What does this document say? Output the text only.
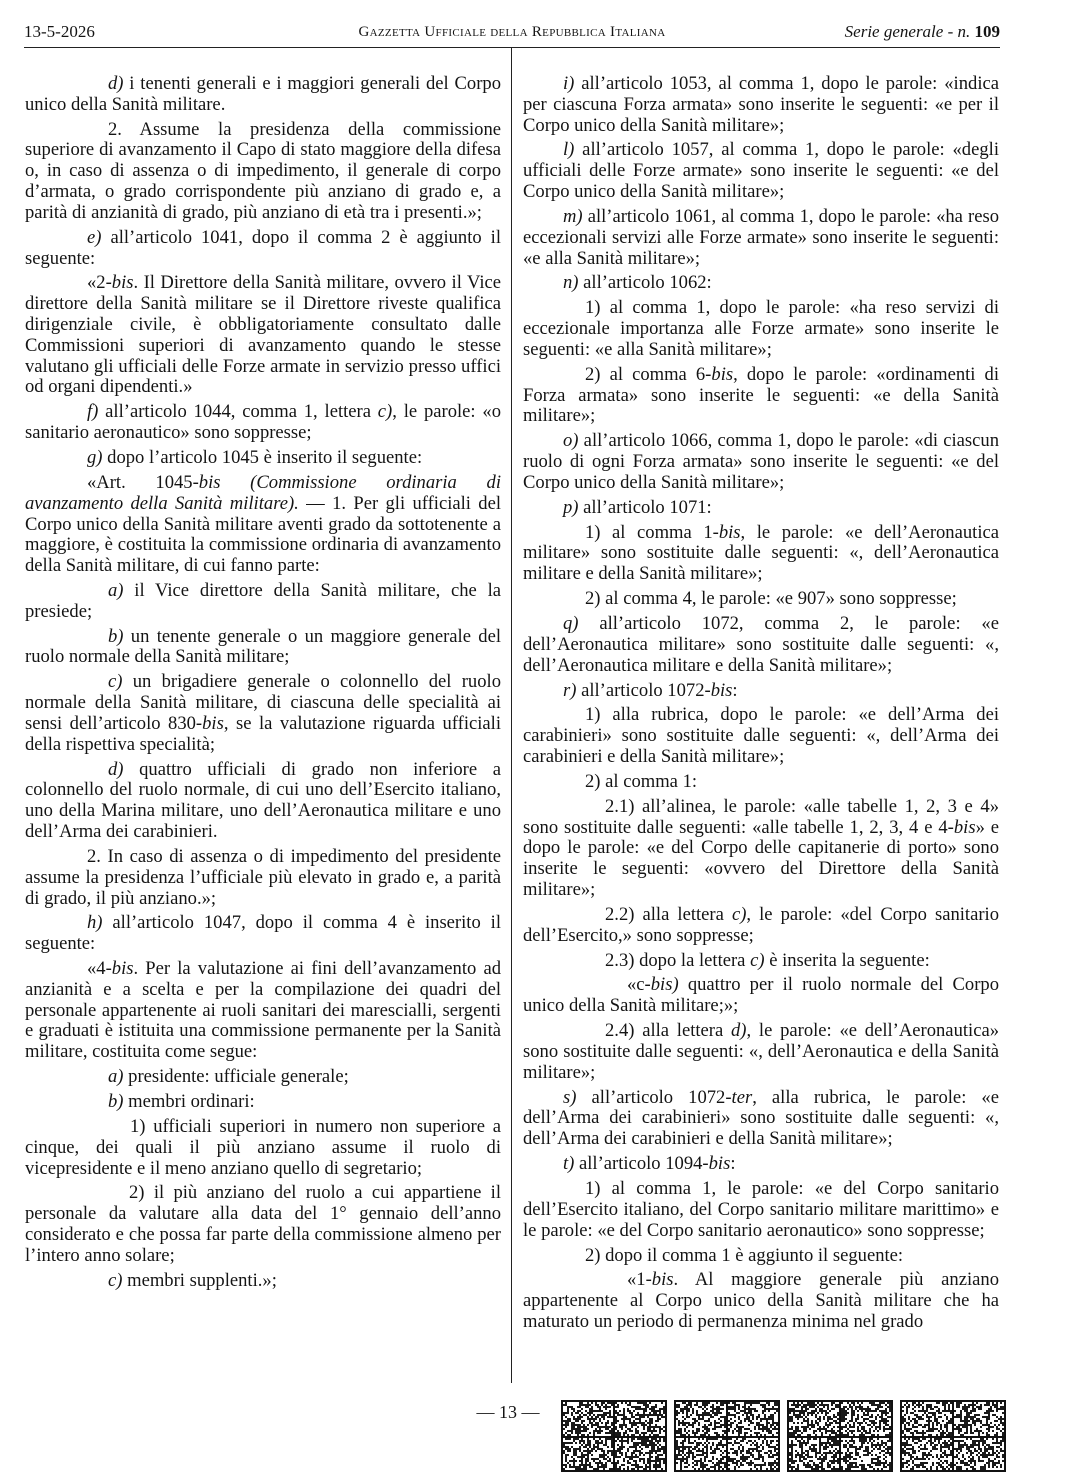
13-5-2026	Gazzetta Ufficiale della Repubblica Italiana	Serie generale - n. 109

d) i tenenti generali e i maggiori generali del Corpo unico della Sanità militare.

2. Assume la presidenza della commissione superiore di avanzamento il Capo di stato maggiore della difesa o, in caso di assenza o di impedimento, il generale di corpo d’armata, o grado corrispondente più anziano di grado e, a parità di anzianità di grado, più anziano di età tra i presenti.»;

e) all’articolo 1041, dopo il comma 2 è aggiunto il seguente:

«2-bis. Il Direttore della Sanità militare, ovvero il Vice direttore della Sanità militare se il Direttore riveste qualifica dirigenziale civile, è obbligatoriamente consultato dalle Commissioni superiori di avanzamento quando le stesse valutano gli ufficiali delle Forze armate in servizio presso uffici od organi dipendenti.»

f) all’articolo 1044, comma 1, lettera c), le parole: «o sanitario aeronautico» sono soppresse;

g) dopo l’articolo 1045 è inserito il seguente:

«Art. 1045-bis (Commissione ordinaria di avanzamento della Sanità militare). — 1. Per gli ufficiali del Corpo unico della Sanità militare aventi grado da sottotenente a maggiore, è costituita la commissione ordinaria di avanzamento della Sanità militare, di cui fanno parte:

a) il Vice direttore della Sanità militare, che la presiede;

b) un tenente generale o un maggiore generale del ruolo normale della Sanità militare;

c) un brigadiere generale o colonnello del ruolo normale della Sanità militare, di ciascuna delle specialità ai sensi dell’articolo 830-bis, se la valutazione riguarda ufficiali della rispettiva specialità;

d) quattro ufficiali di grado non inferiore a colonnello del ruolo normale, di cui uno dell’Esercito italiano, uno della Marina militare, uno dell’Aeronautica militare e uno dell’Arma dei carabinieri.

2. In caso di assenza o di impedimento del presidente assume la presidenza l’ufficiale più elevato in grado e, a parità di grado, il più anziano.»;

h) all’articolo 1047, dopo il comma 4 è inserito il seguente:

«4-bis. Per la valutazione ai fini dell’avanzamento ad anzianità e a scelta e per la compilazione dei quadri del personale appartenente ai ruoli sanitari dei marescialli, sergenti e graduati è istituita una commissione permanente per la Sanità militare, costituita come segue:

a) presidente: ufficiale generale;

b) membri ordinari:

1) ufficiali superiori in numero non superiore a cinque, dei quali il più anziano assume il ruolo di vicepresidente e il meno anziano quello di segretario;

2) il più anziano del ruolo a cui appartiene il personale da valutare alla data del 1° gennaio dell’anno considerato e che possa far parte della commissione almeno per l’intero anno solare;

c) membri supplenti.»;

i) all’articolo 1053, al comma 1, dopo le parole: «indica per ciascuna Forza armata» sono inserite le seguenti: «e per il Corpo unico della Sanità militare»;

l) all’articolo 1057, al comma 1, dopo le parole: «degli ufficiali delle Forze armate» sono inserite le seguenti: «e del Corpo unico della Sanità militare»;

m) all’articolo 1061, al comma 1, dopo le parole: «ha reso eccezionali servizi alle Forze armate» sono inserite le seguenti: «e alla Sanità militare»;

n) all’articolo 1062:

1) al comma 1, dopo le parole: «ha reso servizi di eccezionale importanza alle Forze armate» sono inserite le seguenti: «e alla Sanità militare»;

2) al comma 6-bis, dopo le parole: «ordinamenti di Forza armata» sono inserite le seguenti: «e della Sanità militare»;

o) all’articolo 1066, comma 1, dopo le parole: «di ciascun ruolo di ogni Forza armata» sono inserite le seguenti: «e del Corpo unico della Sanità militare»;

p) all’articolo 1071:

1) al comma 1-bis, le parole: «e dell’Aeronautica militare» sono sostituite dalle seguenti: «, dell’Aeronautica militare e della Sanità militare»;

2) al comma 4, le parole: «e 907» sono soppresse;

q) all’articolo 1072, comma 2, le parole: «e dell’Aeronautica militare» sono sostituite dalle seguenti: «, dell’Aeronautica militare e della Sanità militare»;

r) all’articolo 1072-bis:

1) alla rubrica, dopo le parole: «e dell’Arma dei carabinieri» sono sostituite dalle seguenti: «, dell’Arma dei carabinieri e della Sanità militare»;

2) al comma 1:

2.1) all’alinea, le parole: «alle tabelle 1, 2, 3 e 4» sono sostituite dalle seguenti: «alle tabelle 1, 2, 3, 4 e 4-bis» e dopo le parole: «e del Corpo delle capitanerie di porto» sono inserite le seguenti: «ovvero del Direttore della Sanità militare»;

2.2) alla lettera c), le parole: «del Corpo sanitario dell’Esercito,» sono soppresse;

2.3) dopo la lettera c) è inserita la seguente:

«c-bis) quattro per il ruolo normale del Corpo unico della Sanità militare;»;

2.4) alla lettera d), le parole: «e dell’Aeronautica» sono sostituite dalle seguenti: «, dell’Aeronautica e della Sanità militare»;

s) all’articolo 1072-ter, alla rubrica, le parole: «e dell’Arma dei carabinieri» sono sostituite dalle seguenti: «, dell’Arma dei carabinieri e della Sanità militare»;

t) all’articolo 1094-bis:

1) al comma 1, le parole: «e del Corpo sanitario dell’Esercito italiano, del Corpo sanitario militare marittimo» e le parole: «e del Corpo sanitario aeronautico» sono soppresse;

2) dopo il comma 1 è aggiunto il seguente:

«1-bis. Al maggiore generale più anziano appartenente al Corpo unico della Sanità militare che ha maturato un periodo di permanenza minima nel grado

— 13 —
